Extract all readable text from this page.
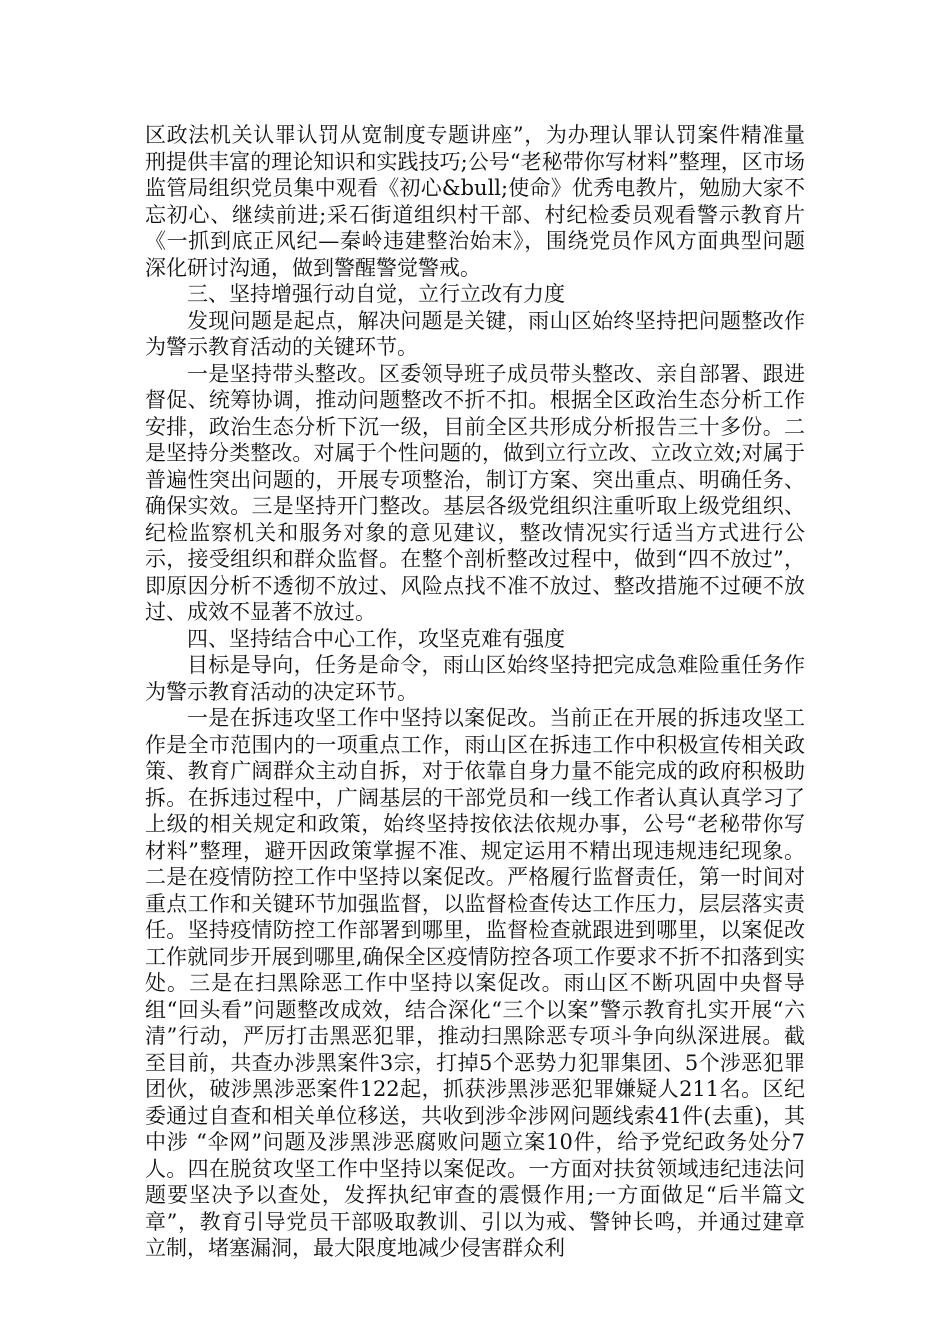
区政法机关认罪认罚从宽制度专题讲座”，为办理认罪认罚案件精准量刑提供丰富的理论知识和实践技巧;公号“老秘带你写材料”整理，区市场监管局组织党员集中观看《初心&bull;使命》优秀电教片，勉励大家不忘初心、继续前进;采石街道组织村干部、村纪检委员观看警示教育片《一抓到底正风纪—秦岭违建整治始末》，围绕党员作风方面典型问题深化研讨沟通，做到警醒警觉警戒。

三、坚持增强行动自觉，立行立改有力度

发现问题是起点，解决问题是关键，雨山区始终坚持把问题整改作为警示教育活动的关键环节。

一是坚持带头整改。区委领导班子成员带头整改、亲自部署、跟进督促、统筹协调，推动问题整改不折不扣。根据全区政治生态分析工作安排，政治生态分析下沉一级，目前全区共形成分析报告三十多份。二是坚持分类整改。对属于个性问题的，做到立行立改、立改立效;对属于普遍性突出问题的，开展专项整治，制订方案、突出重点、明确任务、确保实效。三是坚持开门整改。基层各级党组织注重听取上级党组织、纪检监察机关和服务对象的意见建议，整改情况实行适当方式进行公示，接受组织和群众监督。在整个剖析整改过程中，做到“四不放过”，即原因分析不透彻不放过、风险点找不准不放过、整改措施不过硬不放过、成效不显著不放过。

四、坚持结合中心工作，攻坚克难有强度

目标是导向，任务是命令，雨山区始终坚持把完成急难险重任务作为警示教育活动的决定环节。

一是在拆违攻坚工作中坚持以案促改。当前正在开展的拆违攻坚工作是全市范围内的一项重点工作，雨山区在拆违工作中积极宣传相关政策、教育广阔群众主动自拆，对于依靠自身力量不能完成的政府积极助拆。在拆违过程中，广阔基层的干部党员和一线工作者认真认真学习了上级的相关规定和政策，始终坚持按依法依规办事，公号“老秘带你写材料”整理，避开因政策掌握不准、规定运用不精出现违规违纪现象。二是在疫情防控工作中坚持以案促改。严格履行监督责任，第一时间对重点工作和关键环节加强监督，以监督检查传达工作压力，层层落实责任。坚持疫情防控工作部署到哪里，监督检查就跟进到哪里，以案促改工作就同步开展到哪里,确保全区疫情防控各项工作要求不折不扣落到实处。三是在扫黑除恶工作中坚持以案促改。雨山区不断巩固中央督导组“回头看”问题整改成效，结合深化“三个以案”警示教育扎实开展“六清”行动，严厉打击黑恶犯罪，推动扫黑除恶专项斗争向纵深进展。截至目前，共查办涉黑案件3宗，打掉5个恶势力犯罪集团、5个涉恶犯罪团伙，破涉黑涉恶案件122起，抓获涉黑涉恶犯罪嫌疑人211名。区纪委通过自查和相关单位移送，共收到涉伞涉网问题线索41件(去重)，其中涉 “伞网”问题及涉黑涉恶腐败问题立案10件，给予党纪政务处分7人。四在脱贫攻坚工作中坚持以案促改。一方面对扶贫领域违纪违法问题要坚决予以查处，发挥执纪审查的震慑作用;一方面做足“后半篇文章”，教育引导党员干部吸取教训、引以为戒、警钟长鸣，并通过建章立制，堵塞漏洞，最大限度地减少侵害群众利
